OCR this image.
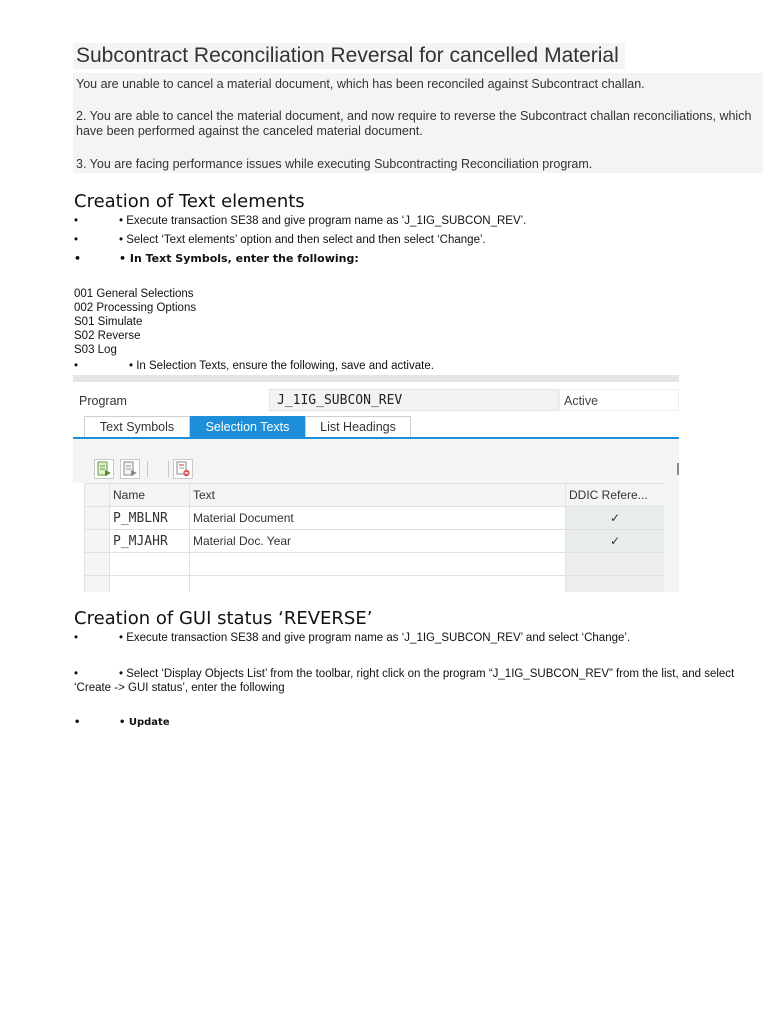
Subcontract Reconciliation Reversal for cancelled Material

You are unable to cancel a material document, which has been reconciled against Subcontract challan.

2. You are able to cancel the material document, and now require to reverse the Subcontract challan reconciliations, which have been performed against the canceled material document.

3. You are facing performance issues while executing Subcontracting Reconciliation program.

Creation of Text elements
•	• Execute transaction SE38 and give program name as ‘J_1IG_SUBCON_REV’.
•	• Select ‘Text elements’ option and then select and then select ‘Change’.
•	• In Text Symbols, enter the following:
001 General Selections
002 Processing Options
S01 Simulate
S02 Reverse
S03 Log
•	• In Selection Texts, ensure the following, save and activate.
Program	J_1IG_SUBCON_REV	Active
Text Symbols	Selection Texts	List Headings
	Name	Text	DDIC Refere...
	P_MBLNR	Material Document	✓
	P_MJAHR	Material Doc. Year	✓

Creation of GUI status ‘REVERSE’
•	• Execute transaction SE38 and give program name as ‘J_1IG_SUBCON_REV’ and select ‘Change’.
•	• Select ‘Display Objects List’ from the toolbar, right click on the program “J_1IG_SUBCON_REV” from the list, and select ‘Create -> GUI status’, enter the following
•	• Update
